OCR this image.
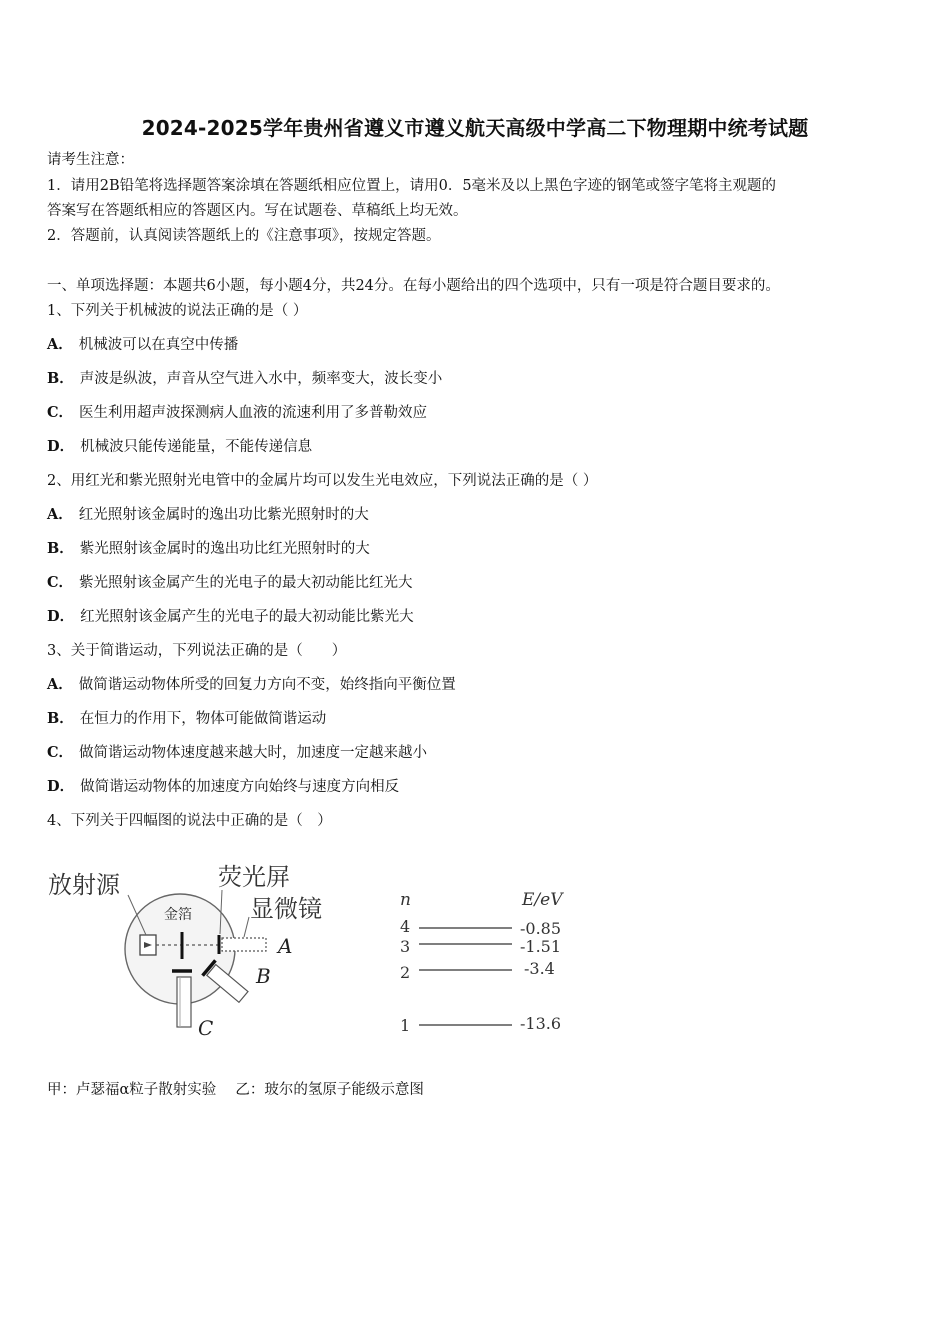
2024-2025学年贵州省遵义市遵义航天高级中学高二下物理期中统考试题
请考生注意：
1．请用2B铅笔将选择题答案涂填在答题纸相应位置上，请用0．5毫米及以上黑色字迹的钢笔或签字笔将主观题的
答案写在答题纸相应的答题区内。写在试题卷、草稿纸上均无效。
2．答题前，认真阅读答题纸上的《注意事项》，按规定答题。
一、单项选择题：本题共6小题，每小题4分，共24分。在每小题给出的四个选项中，只有一项是符合题目要求的。
1、下列关于机械波的说法正确的是（ ）
A． 机械波可以在真空中传播
B． 声波是纵波，声音从空气进入水中，频率变大，波长变小
C． 医生利用超声波探测病人血液的流速利用了多普勒效应
D． 机械波只能传递能量，不能传递信息
2、用红光和紫光照射光电管中的金属片均可以发生光电效应，下列说法正确的是（ ）
A． 红光照射该金属时的逸出功比紫光照射时的大
B． 紫光照射该金属时的逸出功比红光照射时的大
C． 紫光照射该金属产生的光电子的最大初动能比红光大
D． 红光照射该金属产生的光电子的最大初动能比紫光大
3、关于简谐运动，下列说法正确的是（　　）
A． 做简谐运动物体所受的回复力方向不变，始终指向平衡位置
B． 在恒力的作用下，物体可能做简谐运动
C． 做简谐运动物体速度越来越大时，加速度一定越来越小
D． 做简谐运动物体的加速度方向始终与速度方向相反
4、下列关于四幅图的说法中正确的是（　）
放射源	荧光屏
显微镜
金箔
A
B
C
n	E/eV
4	-0.85
3	-1.51
2	-3.4
1	-13.6
甲：卢瑟福α粒子散射实验　 乙：玻尔的氢原子能级示意图
